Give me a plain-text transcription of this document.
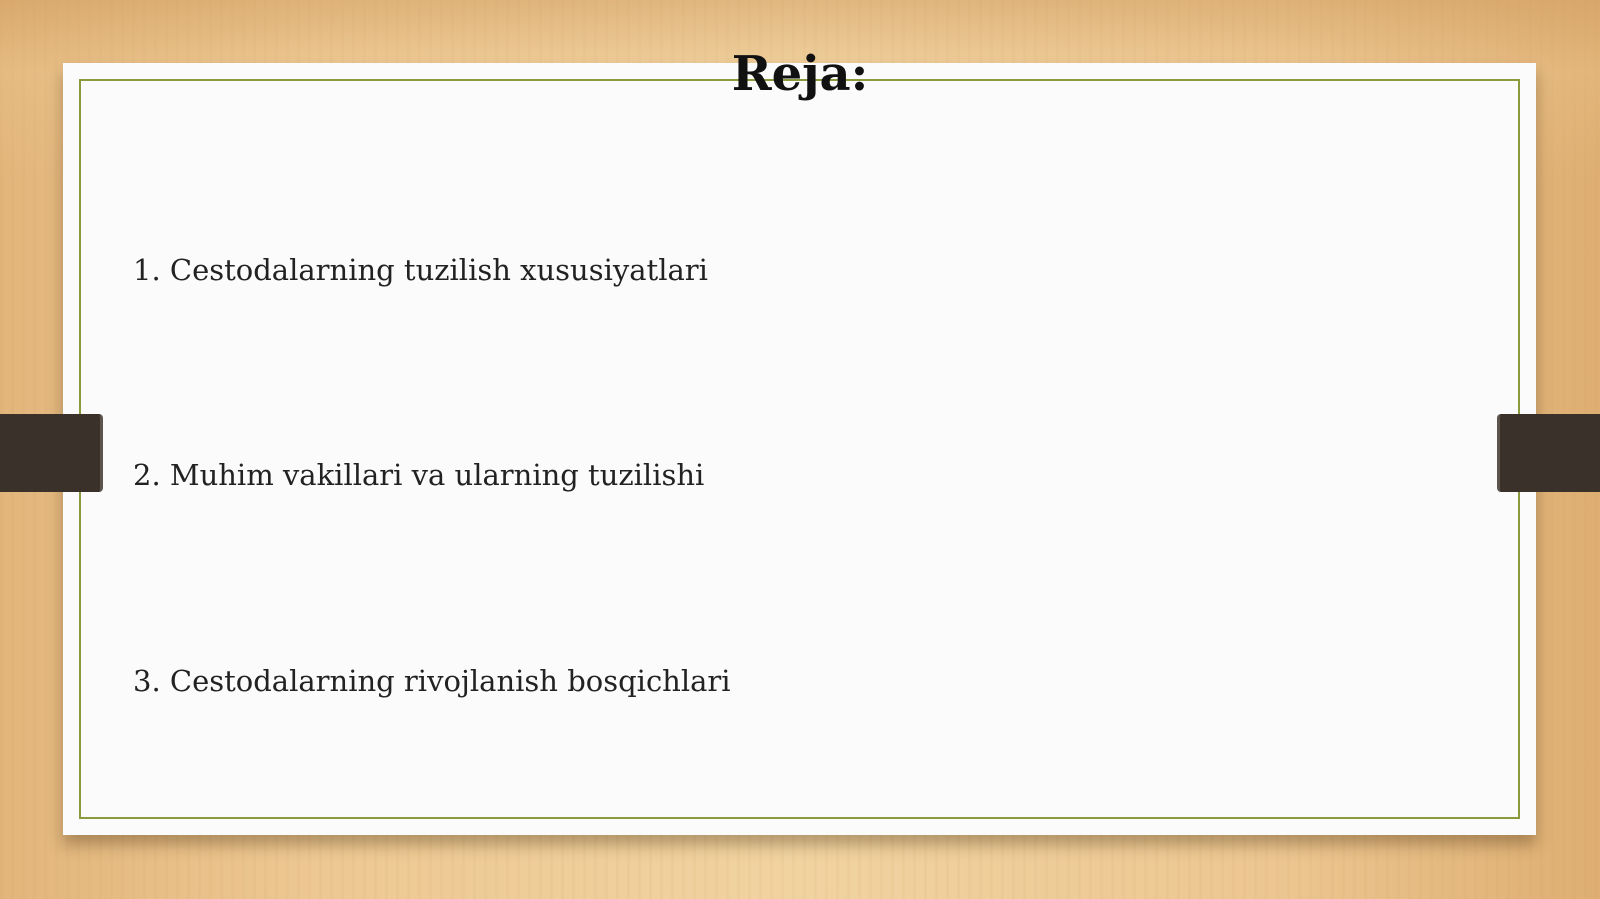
Reja:
1. Cestodalarning tuzilish xususiyatlari
2. Muhim vakillari va ularning tuzilishi
3. Cestodalarning rivojlanish bosqichlari
